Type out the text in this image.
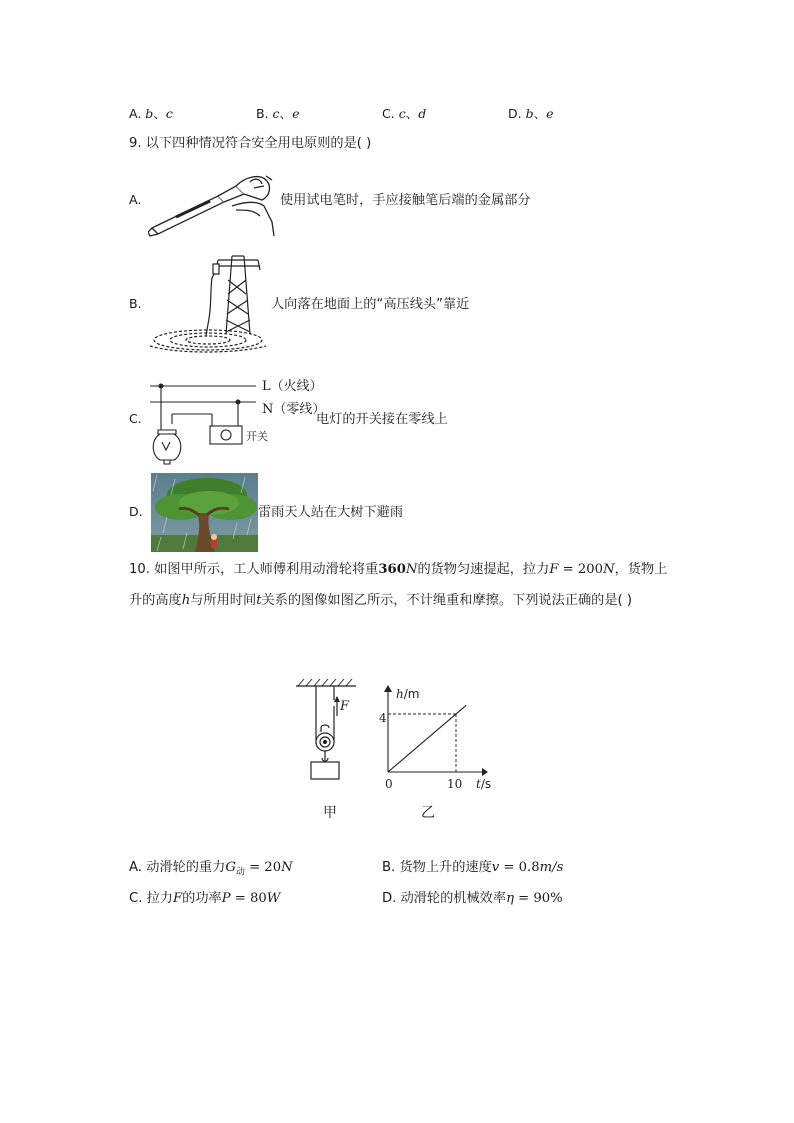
A. b、c	B. c、e	C. c、d	D. b、e
9. 以下四种情况符合安全用电原则的是( )
A.	使用试电笔时，手应接触笔后端的金属部分
B.	人向落在地面上的“高压线头”靠近
C.
开关
L（火线）
N（零线）
电灯的开关接在零线上
D.	雷雨天人站在大树下避雨
10. 如图甲所示，工人师傅利用动滑轮将重360N的货物匀速提起，拉力F = 200N，货物上
升的高度h与所用时间t关系的图像如图乙所示，不计绳重和摩擦。下列说法正确的是( )
F
甲
h/m
t/s
4
10
0
乙
A. 动滑轮的重力$G_动 = 20N$	B. 货物上升的速度v = 0.8m/s
C. 拉力F的功率P = 80W	D. 动滑轮的机械效率η = 90%
